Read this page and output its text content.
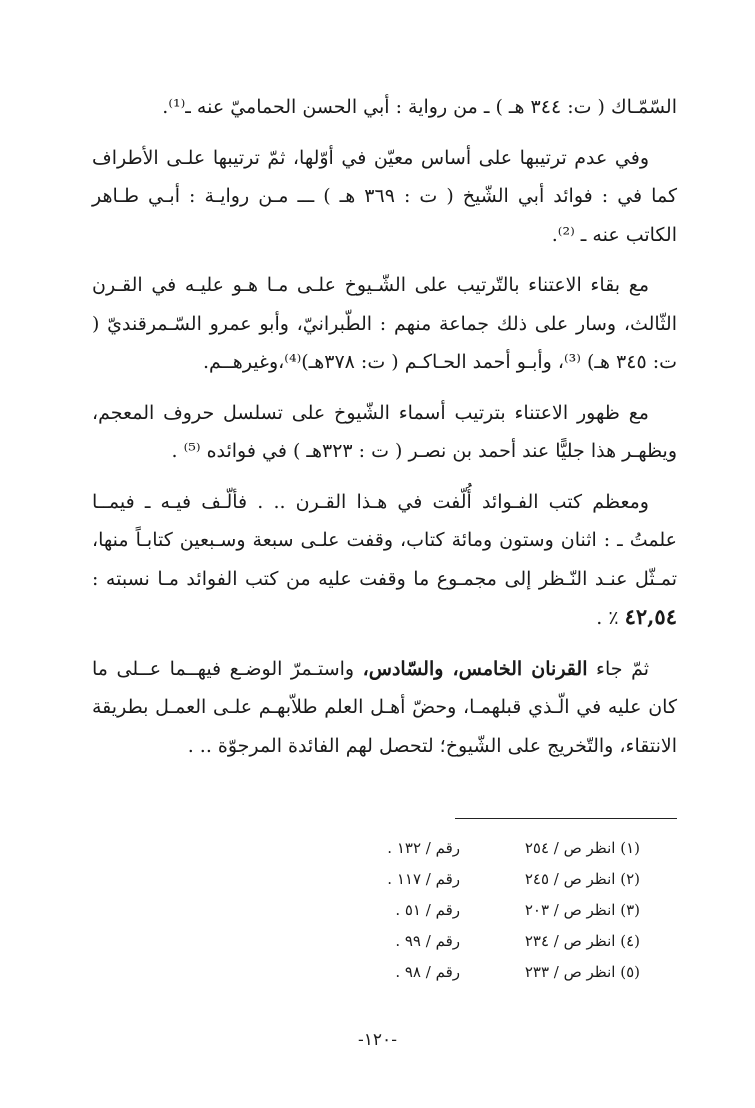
السّمّـاك ( ت: ٣٤٤ هـ ) ـ من رواية : أبي الحسن الحماميّ عنه ـ⁽¹⁾.

وفي عدم ترتيبها على أساس معيّن في أوّلها، ثمّ ترتيبها علـى الأطراف كما في : فوائد أبي الشّيخ ( ت : ٣٦٩ هـ ) ـــ مـن روايـة : أبـي طـاهر الكاتب عنه ـ ⁽²⁾.

مع بقاء الاعتناء بالتّرتيب على الشّـيوخ علـى مـا هـو عليـه في القـرن الثّالث، وسار على ذلك جماعة منهم : الطّبرانيّ، وأبو عمرو السّـمرقنديّ ( ت: ٣٤٥ هـ) ⁽³⁾، وأبـو أحمد الحـاكـم ( ت: ٣٧٨هـ)⁽⁴⁾،وغيرهــم.

مع ظهور الاعتناء بترتيب أسماء الشّيوخ على تسلسل حروف المعجم، ويظهـر هذا جليًّا عند أحمد بن نصـر ( ت : ٣٢٣هـ ) في فوائده ⁽⁵⁾ .

ومعظم كتب الفـوائد أُلّفت في هـذا القـرن .. . فألّـف فيـه ـ فيمــا علمتُ ـ : اثنان وستون ومائة كتاب، وقفت علـى سبعة وسـبعين كتابـاً منها، تمـثّل عنـد النّـظر إلى مجمـوع ما وقفت عليه من كتب الفوائد مـا نسبته : ٤٢,٥٤ ٪ .

ثمّ جاء القرنان الخامس، والسّادس، واستـمرّ الوضـع فيهــما عــلى ما كان عليه في الّـذي قبلهمـا، وحضّ أهـل العلم طلاّبهـم علـى العمـل بطريقة الانتقاء، والتّخريج على الشّيوخ؛ لتحصل لهم الفائدة المرجوّة .. .

(١) انظر ص / ٢٥٤
رقم / ١٣٢ .
(٢) انظر ص / ٢٤٥
رقم / ١١٧ .
(٣) انظر ص / ٢٠٣
رقم / ٥١ .
(٤) انظر ص / ٢٣٤
رقم / ٩٩ .
(٥) انظر ص / ٢٣٣
رقم / ٩٨ .
-١٢٠-
